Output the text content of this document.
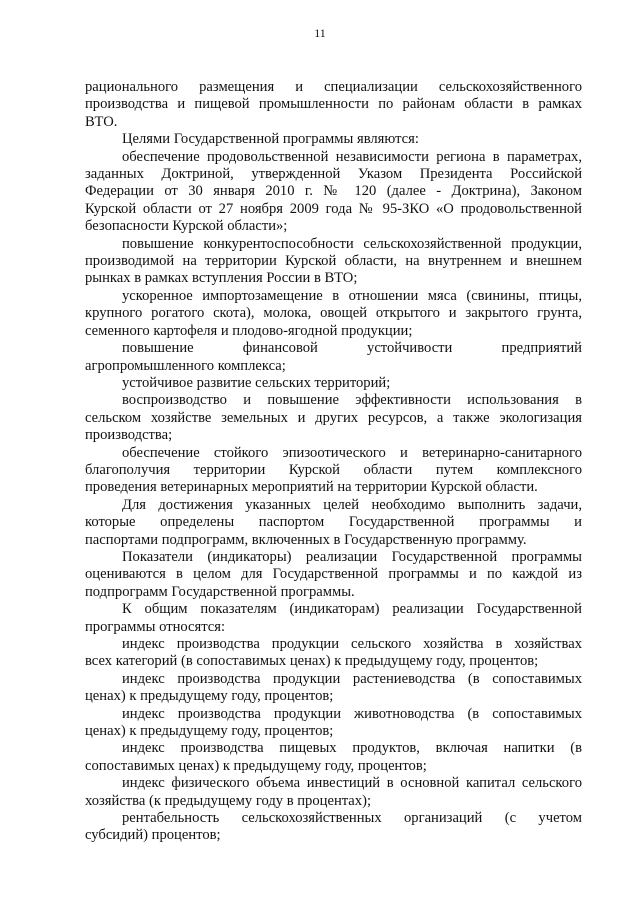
11
рационального размещения и специализации сельскохозяйственного
производства и пищевой промышленности по районам области в рамках
ВТО.
Целями Государственной программы являются:
обеспечение продовольственной независимости региона в параметрах,
заданных Доктриной, утвержденной Указом Президента Российской
Федерации от 30 января 2010 г. № 120 (далее - Доктрина), Законом
Курской области от 27 ноября 2009 года № 95-ЗКО «О продовольственной
безопасности Курской области»;
повышение конкурентоспособности сельскохозяйственной продукции,
производимой на территории Курской области, на внутреннем и внешнем
рынках в рамках вступления России в ВТО;
ускоренное импортозамещение в отношении мяса (свинины, птицы,
крупного рогатого скота), молока, овощей открытого и закрытого грунта,
семенного картофеля и плодово-ягодной продукции;
повышение финансовой устойчивости предприятий
агропромышленного комплекса;
устойчивое развитие сельских территорий;
воспроизводство и повышение эффективности использования в
сельском хозяйстве земельных и других ресурсов, а также экологизация
производства;
обеспечение стойкого эпизоотического и ветеринарно-санитарного
благополучия территории Курской области путем комплексного
проведения ветеринарных мероприятий на территории Курской области.
Для достижения указанных целей необходимо выполнить задачи,
которые определены паспортом Государственной программы и
паспортами подпрограмм, включенных в Государственную программу.
Показатели (индикаторы) реализации Государственной программы
оцениваются в целом для Государственной программы и по каждой из
подпрограмм Государственной программы.
К общим показателям (индикаторам) реализации Государственной
программы относятся:
индекс производства продукции сельского хозяйства в хозяйствах
всех категорий (в сопоставимых ценах) к предыдущему году, процентов;
индекс производства продукции растениеводства (в сопоставимых
ценах) к предыдущему году, процентов;
индекс производства продукции животноводства (в сопоставимых
ценах) к предыдущему году, процентов;
индекс производства пищевых продуктов, включая напитки (в
сопоставимых ценах) к предыдущему году, процентов;
индекс физического объема инвестиций в основной капитал сельского
хозяйства (к предыдущему году в процентах);
рентабельность сельскохозяйственных организаций (с учетом
субсидий) процентов;
